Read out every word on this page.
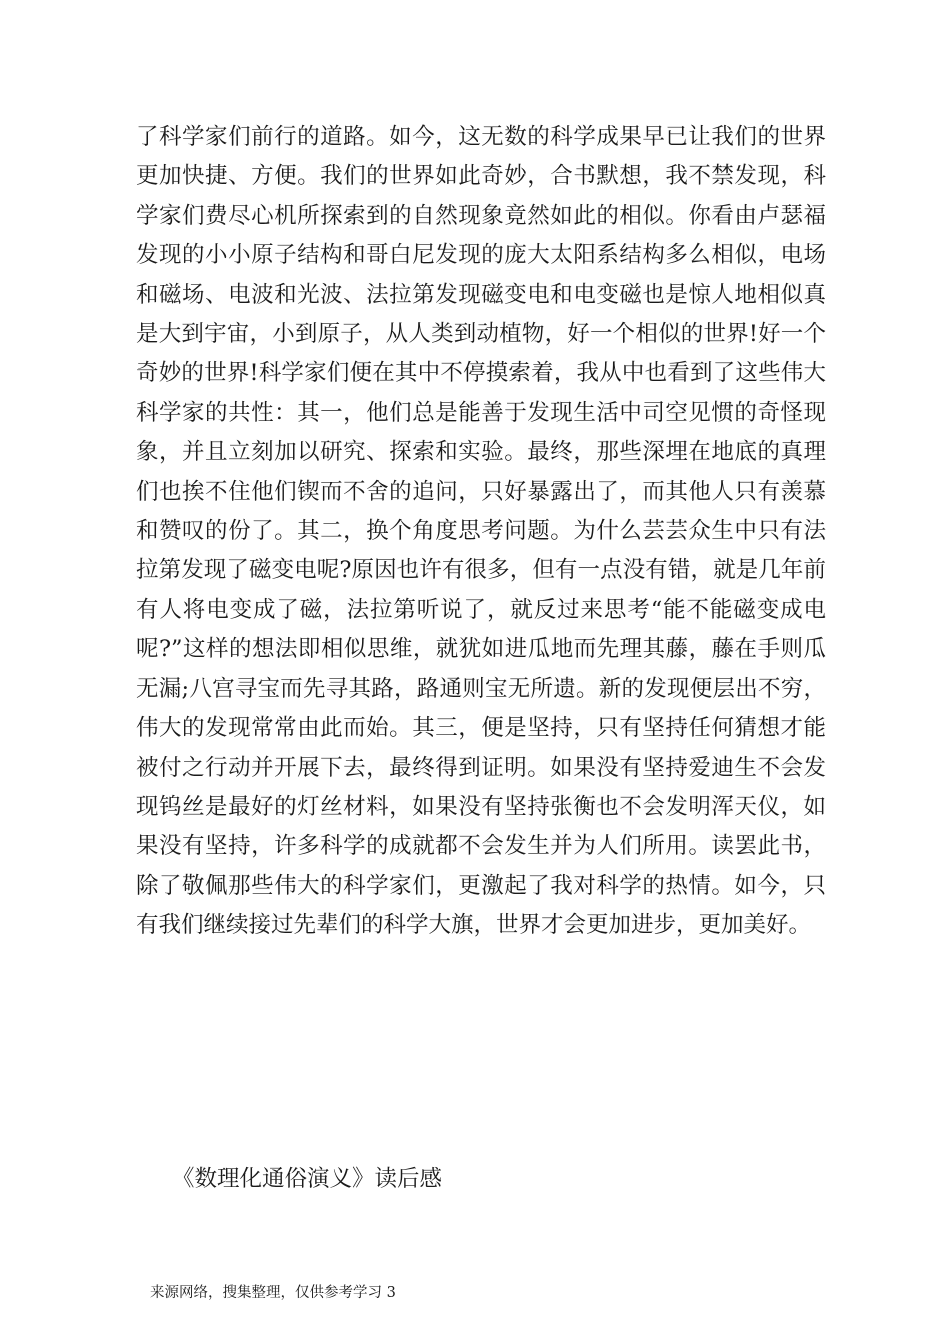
了科学家们前行的道路。如今，这无数的科学成果早已让我们的世界
更加快捷、方便。我们的世界如此奇妙，合书默想，我不禁发现，科
学家们费尽心机所探索到的自然现象竟然如此的相似。你看由卢瑟福
发现的小小原子结构和哥白尼发现的庞大太阳系结构多么相似，电场
和磁场、电波和光波、法拉第发现磁变电和电变磁也是惊人地相似真
是大到宇宙，小到原子，从人类到动植物，好一个相似的世界!好一个
奇妙的世界!科学家们便在其中不停摸索着，我从中也看到了这些伟大
科学家的共性：其一，他们总是能善于发现生活中司空见惯的奇怪现
象，并且立刻加以研究、探索和实验。最终，那些深埋在地底的真理
们也挨不住他们锲而不舍的追问，只好暴露出了，而其他人只有羡慕
和赞叹的份了。其二，换个角度思考问题。为什么芸芸众生中只有法
拉第发现了磁变电呢?原因也许有很多，但有一点没有错，就是几年前
有人将电变成了磁，法拉第听说了，就反过来思考“能不能磁变成电
呢?”这样的想法即相似思维，就犹如进瓜地而先理其藤，藤在手则瓜
无漏;八宫寻宝而先寻其路，路通则宝无所遗。新的发现便层出不穷，
伟大的发现常常由此而始。其三，便是坚持，只有坚持任何猜想才能
被付之行动并开展下去，最终得到证明。如果没有坚持爱迪生不会发
现钨丝是最好的灯丝材料，如果没有坚持张衡也不会发明浑天仪，如
果没有坚持，许多科学的成就都不会发生并为人们所用。读罢此书，
除了敬佩那些伟大的科学家们，更激起了我对科学的热情。如今，只
有我们继续接过先辈们的科学大旗，世界才会更加进步，更加美好。
《数理化通俗演义》读后感
来源网络，搜集整理，仅供参考学习 3
